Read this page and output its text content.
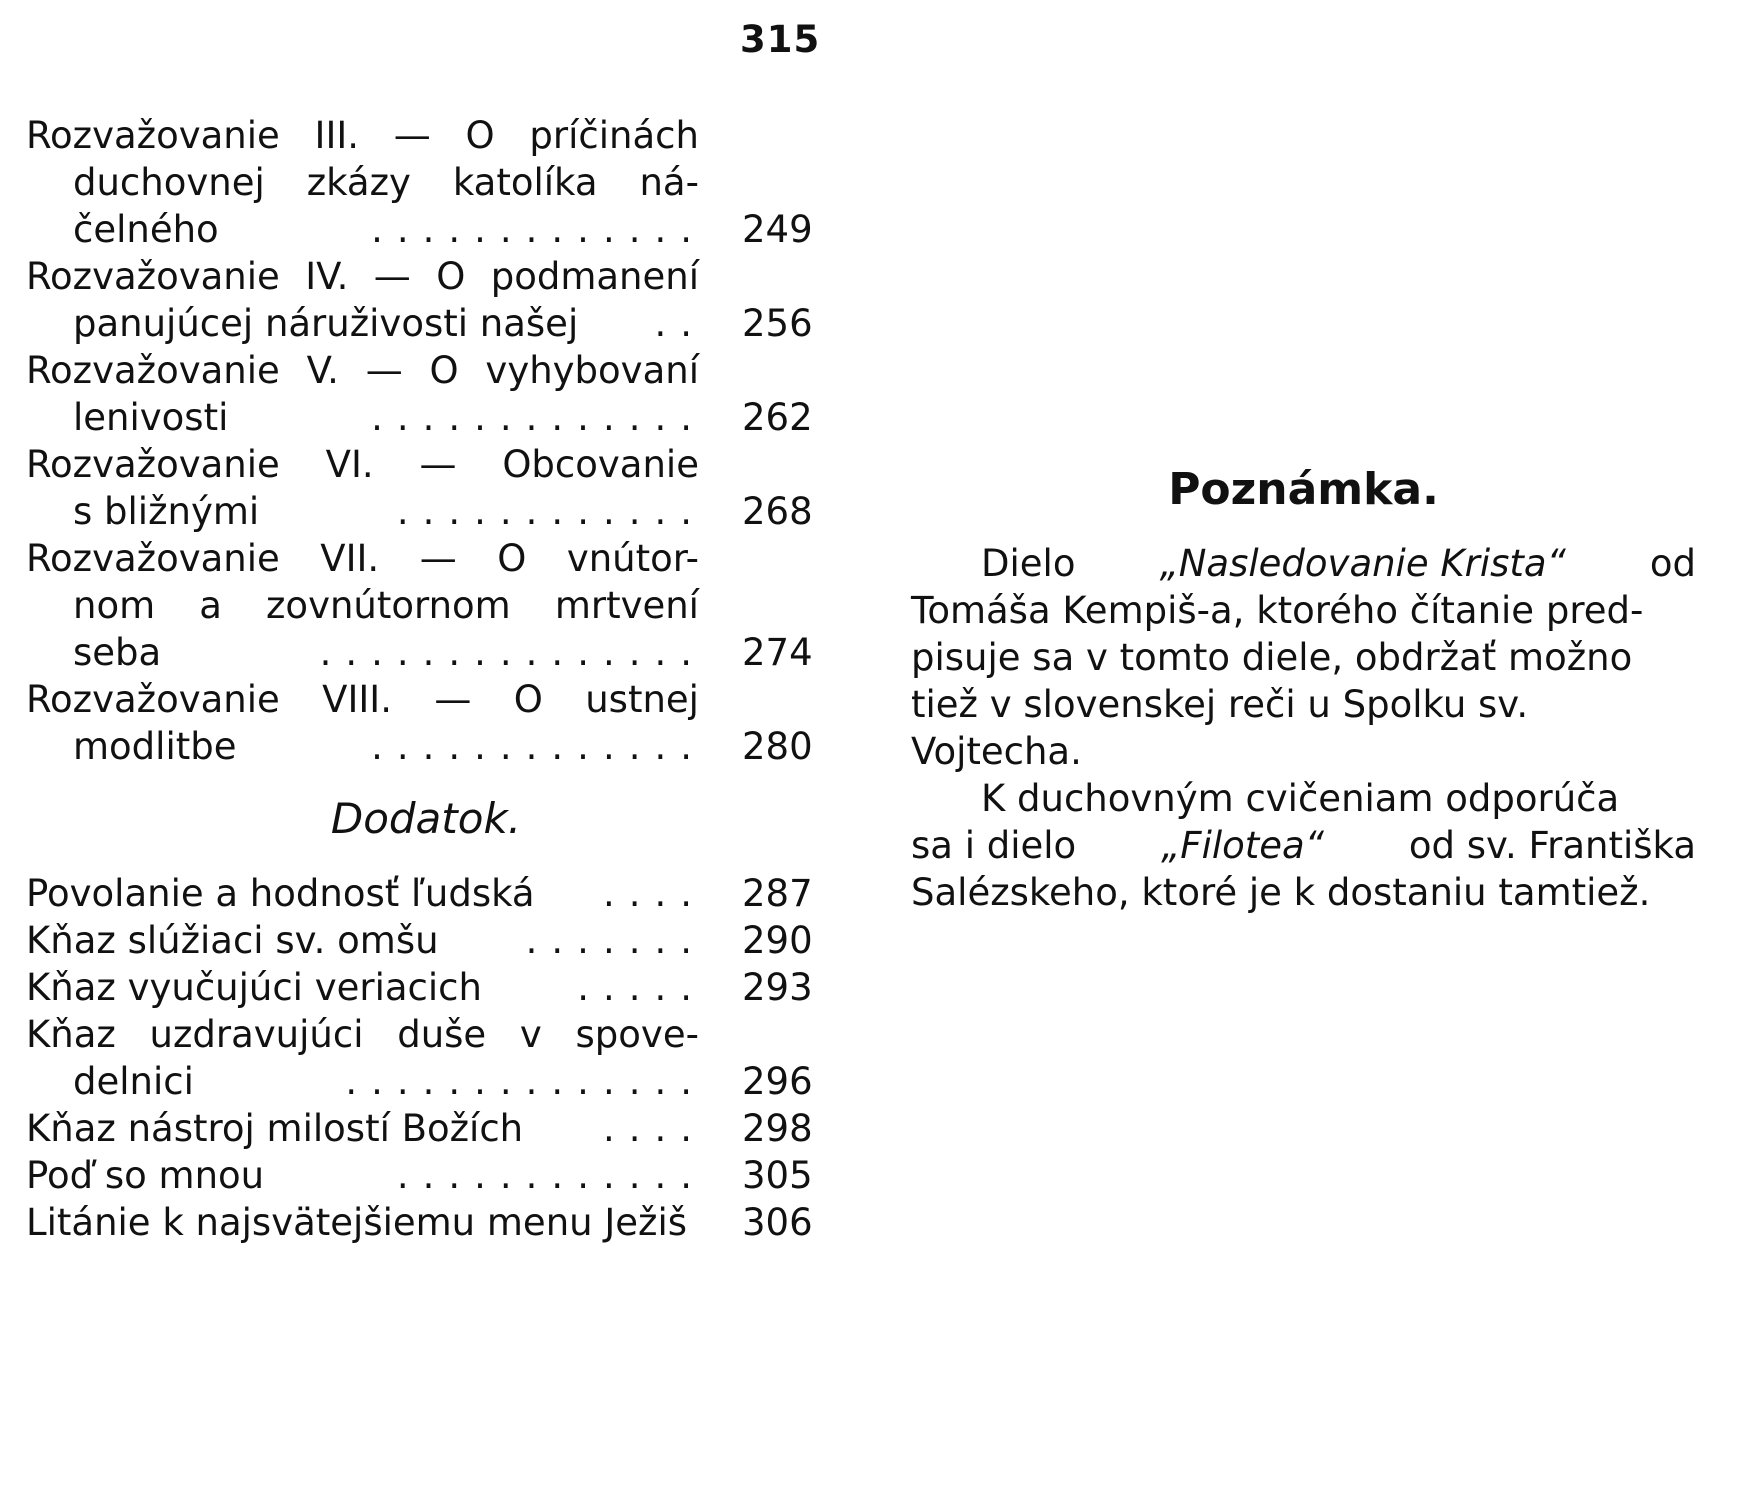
315
Rozvažovanie III. — O príčinách
duchovnej zkázy katolíka ná-
čelného	............. 249
Rozvažovanie IV. — O podmanení
panujúcej náruživosti našej .. 256
Rozvažovanie V. — O vyhybovaní
lenivosti	............. 262
Rozvažovanie VI. — Obcovanie
s bližnými	............ 268
Rozvažovanie VII. — O vnútor-
nom a zovnútornom mrtvení
seba	............... 274
Rozvažovanie VIII. — O ustnej
modlitbe	............. 280
Dodatok.
Povolanie a hodnosť ľudská .... 287
Kňaz slúžiaci sv. omšu ....... 290
Kňaz vyučujúci veriacich	..... 293
Kňaz uzdravujúci duše v spove-
delnici	.............. 296
Kňaz nástroj milostí Božích .... 298
Poď so mnou	............ 305
Litánie k najsvätejšiemu menu Ježiš 306
Poznámka.
Dielo „Nasledovanie Krista“ od
Tomáša Kempiš-a, ktorého čítanie pred-
pisuje sa v tomto diele, obdržať možno
tiež v slovenskej reči u Spolku sv.
Vojtecha.
K duchovným cvičeniam odporúča
sa i dielo „Filotea“ od sv. Františka
Salézskeho, ktoré je k dostaniu tamtiež.
